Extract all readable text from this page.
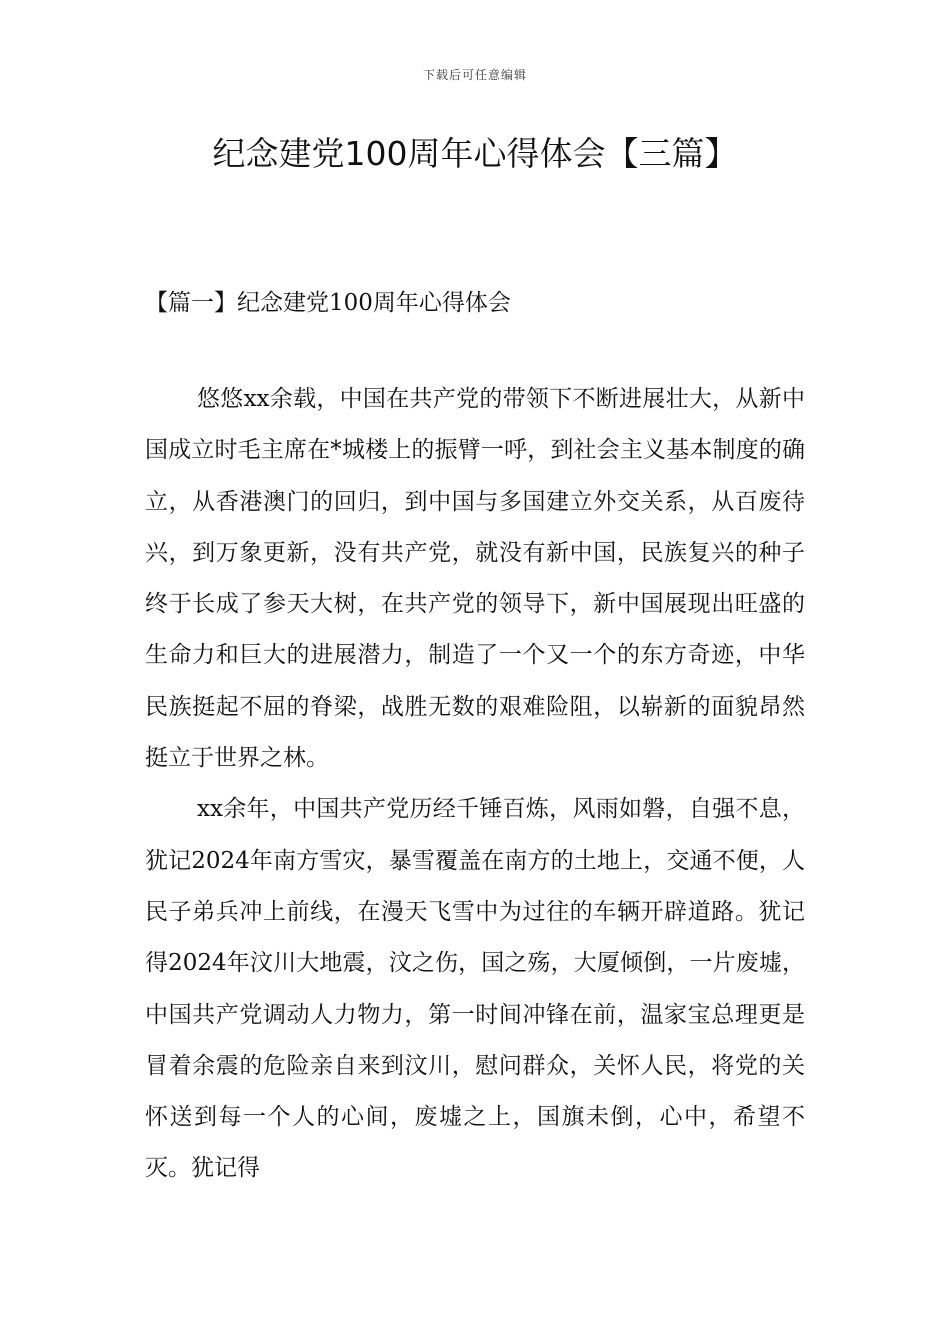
下载后可任意编辑
纪念建党100周年心得体会【三篇】
【篇一】纪念建党100周年心得体会

悠悠xx余载，中国在共产党的带领下不断进展壮大，从新中国成立时毛主席在*城楼上的振臂一呼，到社会主义基本制度的确立，从香港澳门的回归，到中国与多国建立外交关系，从百废待兴，到万象更新，没有共产党，就没有新中国，民族复兴的种子终于长成了参天大树，在共产党的领导下，新中国展现出旺盛的生命力和巨大的进展潜力，制造了一个又一个的东方奇迹，中华民族挺起不屈的脊梁，战胜无数的艰难险阻，以崭新的面貌昂然挺立于世界之林。

xx余年，中国共产党历经千锤百炼，风雨如磐，自强不息，犹记2024年南方雪灾，暴雪覆盖在南方的土地上，交通不便，人民子弟兵冲上前线，在漫天飞雪中为过往的车辆开辟道路。犹记得2024年汶川大地震，汶之伤，国之殇，大厦倾倒，一片废墟，中国共产党调动人力物力，第一时间冲锋在前，温家宝总理更是冒着余震的危险亲自来到汶川，慰问群众，关怀人民，将党的关怀送到每一个人的心间，废墟之上，国旗未倒，心中，希望不灭。犹记得
